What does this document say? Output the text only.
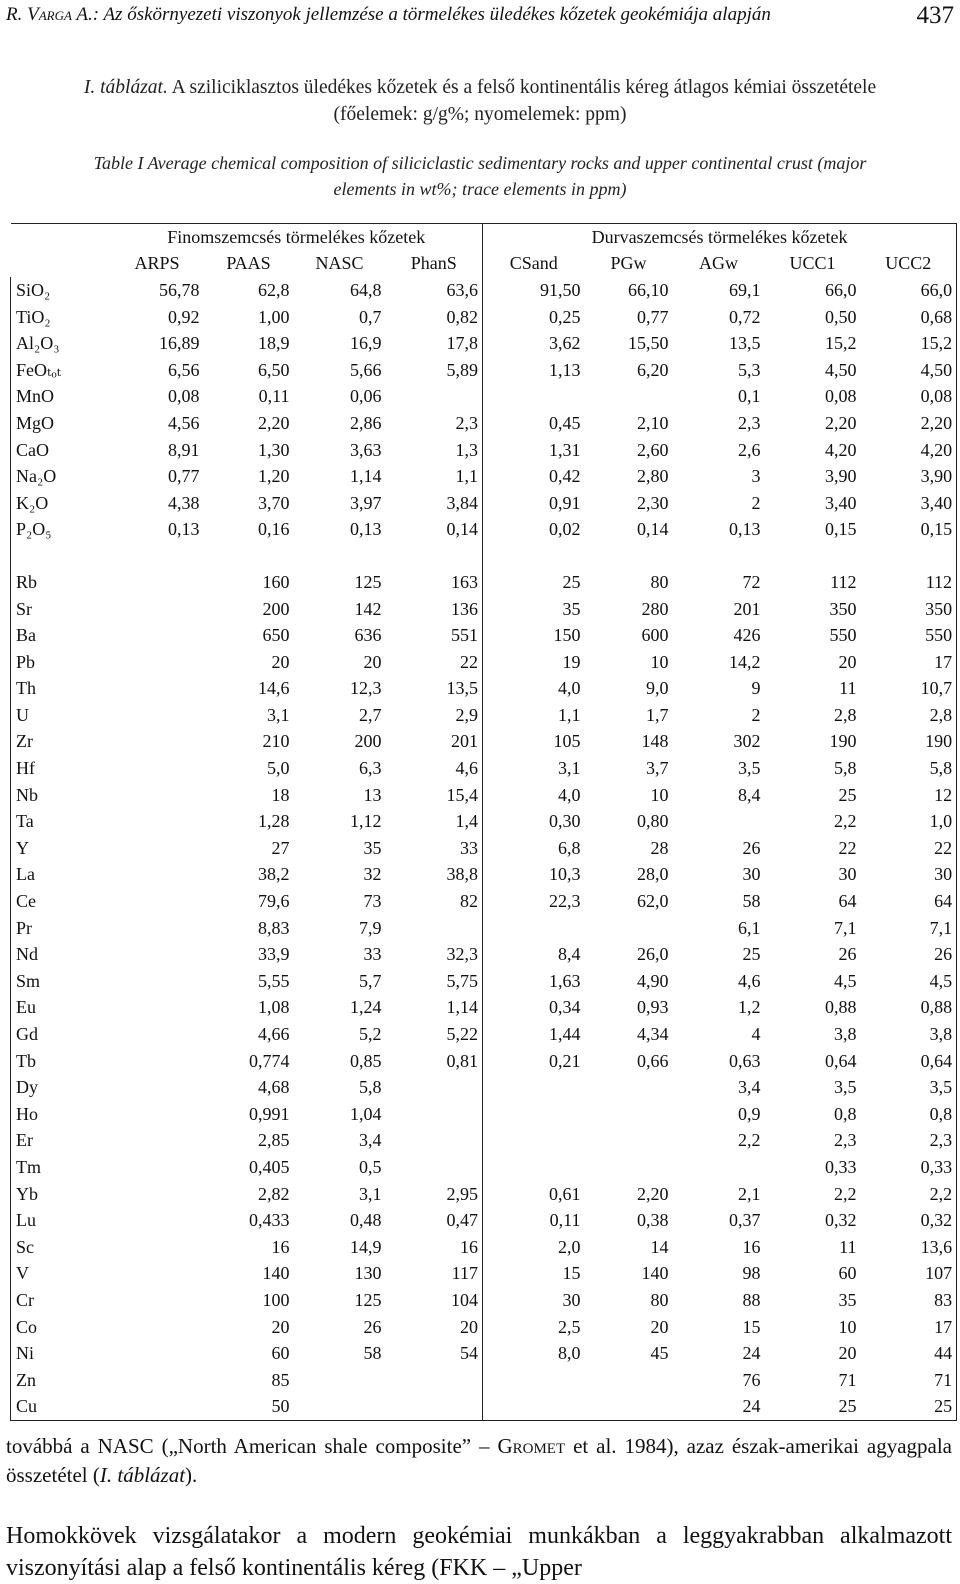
R. Varga A.: Az őskörnyezeti viszonyok jellemzése a törmelékes üledékes kőzetek geokémiája alapján	437
I. táblázat. A sziliciklasztos üledékes kőzetek és a felső kontinentális kéreg átlagos kémiai összetétele
(főelemek: g/g%; nyomelemek: ppm)
Table I Average chemical composition of siliciclastic sedimentary rocks and upper continental crust (major
elements in wt%; trace elements in ppm)
	Finomszemcsés törmelékes kőzetek				Durvaszemcsés törmelékes kőzetek				
	ARPS	PAAS	NASC	PhanS	CSand	PGw	AGw	UCC1	UCC2
SiO₂	56,78	62,8	64,8	63,6	91,50	66,10	69,1	66,0	66,0
TiO₂	0,92	1,00	0,7	0,82	0,25	0,77	0,72	0,50	0,68
Al₂O₃	16,89	18,9	16,9	17,8	3,62	15,50	13,5	15,2	15,2
FeOₜₒₜ	6,56	6,50	5,66	5,89	1,13	6,20	5,3	4,50	4,50
MnO	0,08	0,11	0,06				0,1	0,08	0,08
MgO	4,56	2,20	2,86	2,3	0,45	2,10	2,3	2,20	2,20
CaO	8,91	1,30	3,63	1,3	1,31	2,60	2,6	4,20	4,20
Na₂O	0,77	1,20	1,14	1,1	0,42	2,80	3	3,90	3,90
K₂O	4,38	3,70	3,97	3,84	0,91	2,30	2	3,40	3,40
P₂O₅	0,13	0,16	0,13	0,14	0,02	0,14	0,13	0,15	0,15

Rb		160	125	163	25	80	72	112	112
Sr		200	142	136	35	280	201	350	350
Ba		650	636	551	150	600	426	550	550
Pb		20	20	22	19	10	14,2	20	17
Th		14,6	12,3	13,5	4,0	9,0	9	11	10,7
U		3,1	2,7	2,9	1,1	1,7	2	2,8	2,8
Zr		210	200	201	105	148	302	190	190
Hf		5,0	6,3	4,6	3,1	3,7	3,5	5,8	5,8
Nb		18	13	15,4	4,0	10	8,4	25	12
Ta		1,28	1,12	1,4	0,30	0,80		2,2	1,0
Y		27	35	33	6,8	28	26	22	22
La		38,2	32	38,8	10,3	28,0	30	30	30
Ce		79,6	73	82	22,3	62,0	58	64	64
Pr		8,83	7,9				6,1	7,1	7,1
Nd		33,9	33	32,3	8,4	26,0	25	26	26
Sm		5,55	5,7	5,75	1,63	4,90	4,6	4,5	4,5
Eu		1,08	1,24	1,14	0,34	0,93	1,2	0,88	0,88
Gd		4,66	5,2	5,22	1,44	4,34	4	3,8	3,8
Tb		0,774	0,85	0,81	0,21	0,66	0,63	0,64	0,64
Dy		4,68	5,8				3,4	3,5	3,5
Ho		0,991	1,04				0,9	0,8	0,8
Er		2,85	3,4				2,2	2,3	2,3
Tm		0,405	0,5					0,33	0,33
Yb		2,82	3,1	2,95	0,61	2,20	2,1	2,2	2,2
Lu		0,433	0,48	0,47	0,11	0,38	0,37	0,32	0,32
Sc		16	14,9	16	2,0	14	16	11	13,6
V		140	130	117	15	140	98	60	107
Cr		100	125	104	30	80	88	35	83
Co		20	26	20	2,5	20	15	10	17
Ni		60	58	54	8,0	45	24	20	44
Zn		85					76	71	71
Cu		50					24	25	25
továbbá a NASC („North American shale composite” – Gromet et al. 1984), azaz észak-amerikai agyagpala összetétel (I. táblázat).
Homokkövek vizsgálatakor a modern geokémiai munkákban a leggyakrabban alkalmazott viszonyítási alap a felső kontinentális kéreg (FKK – „Upper
